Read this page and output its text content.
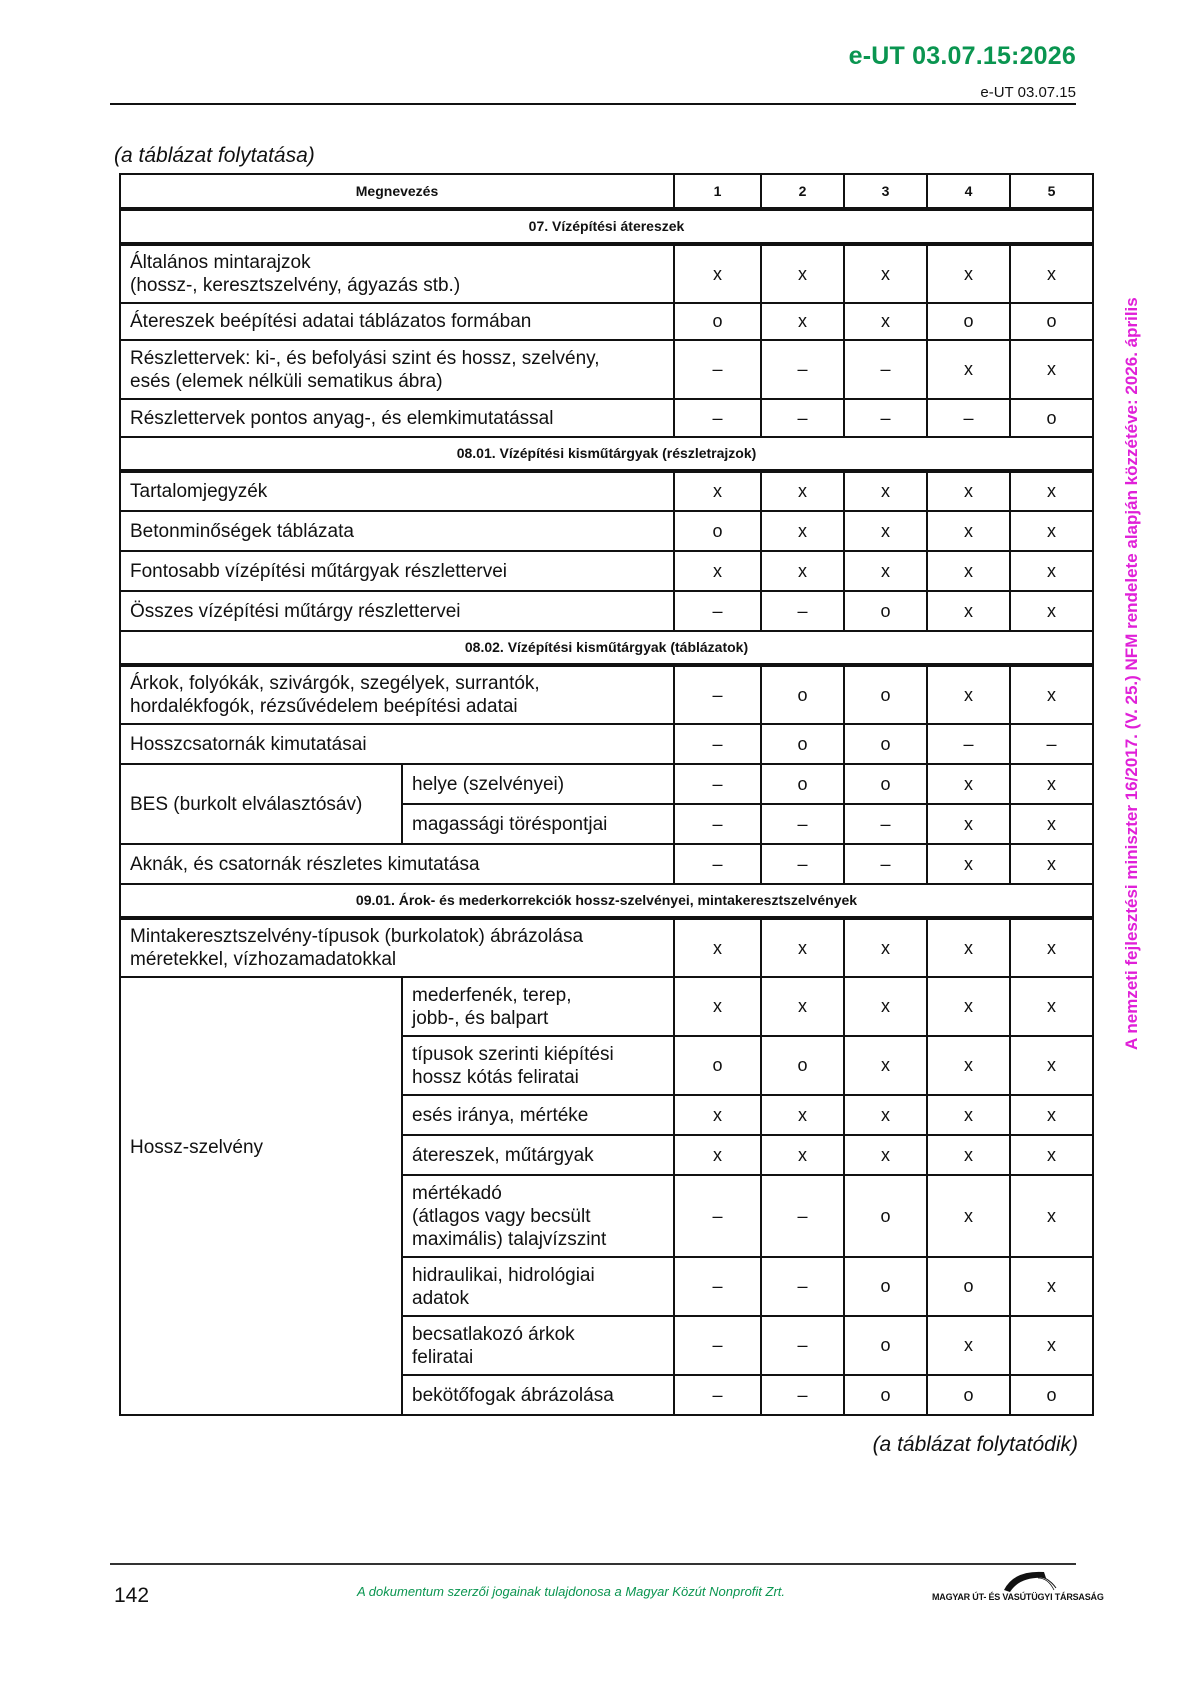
e-UT 03.07.15:2026
e-UT 03.07.15
A nemzeti fejlesztési miniszter 16/2017. (V. 25.) NFM rendelete alapján közzétéve: 2026. április
(a táblázat folytatása)
Megnevezés		1	2	3	4	5
07. Vízépítési átereszek						
Általános mintarajzok
(hossz-, keresztszelvény, ágyazás stb.)		x	x	x	x	x
Átereszek beépítési adatai táblázatos formában		o	x	x	o	o
Részlettervek: ki-, és befolyási szint és hossz, szelvény,
esés (elemek nélküli sematikus ábra)		–	–	–	x	x
Részlettervek pontos anyag-, és elemkimutatással		–	–	–	–	o
08.01. Vízépítési kisműtárgyak (részletrajzok)						
Tartalomjegyzék		x	x	x	x	x
Betonminőségek táblázata		o	x	x	x	x
Fontosabb vízépítési műtárgyak részlettervei		x	x	x	x	x
Összes vízépítési műtárgy részlettervei		–	–	o	x	x
08.02. Vízépítési kisműtárgyak (táblázatok)						
Árkok, folyókák, szivárgók, szegélyek, surrantók,
hordalékfogók, rézsűvédelem beépítési adatai		–	o	o	x	x
Hosszcsatornák kimutatásai		–	o	o	–	–
BES (burkolt elválasztósáv)	helye (szelvényei)	–	o	o	x	x
	magassági töréspontjai	–	–	–	x	x
Aknák, és csatornák részletes kimutatása		–	–	–	x	x
09.01. Árok- és mederkorrekciók hossz-szelvényei, mintakeresztszelvények						
Mintakeresztszelvény-típusok (burkolatok) ábrázolása
méretekkel, vízhozamadatokkal		x	x	x	x	x
Hossz-szelvény	mederfenék, terep,
jobb-, és balpart	x	x	x	x	x
	típusok szerinti kiépítési
hossz kótás feliratai	o	o	x	x	x
	esés iránya, mértéke	x	x	x	x	x
	átereszek, műtárgyak	x	x	x	x	x
	mértékadó
(átlagos vagy becsült
maximális) talajvízszint	–	–	o	x	x
	hidraulikai, hidrológiai
adatok	–	–	o	o	x
	becsatlakozó árkok
feliratai	–	–	o	x	x
	bekötőfogak ábrázolása	–	–	o	o	o
(a táblázat folytatódik)
142	A dokumentum szerzői jogainak tulajdonosa a Magyar Közút Nonprofit Zrt.	MAGYAR ÚT- ÉS VASÚTÜGYI TÁRSASÁG
